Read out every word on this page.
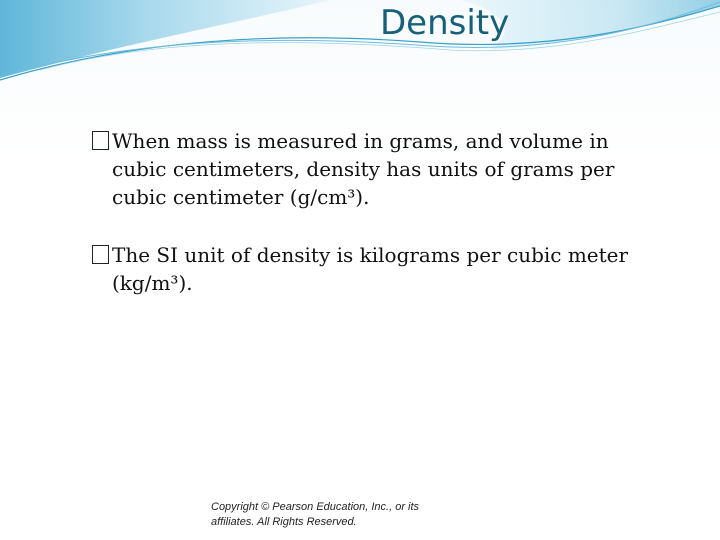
Density
When mass is measured in grams, and volume in
cubic centimeters, density has units of grams per
cubic centimeter (g/cm³).
The SI unit of density is kilograms per cubic meter
(kg/m³).
Copyright © Pearson Education, Inc., or its
affiliates. All Rights Reserved.
